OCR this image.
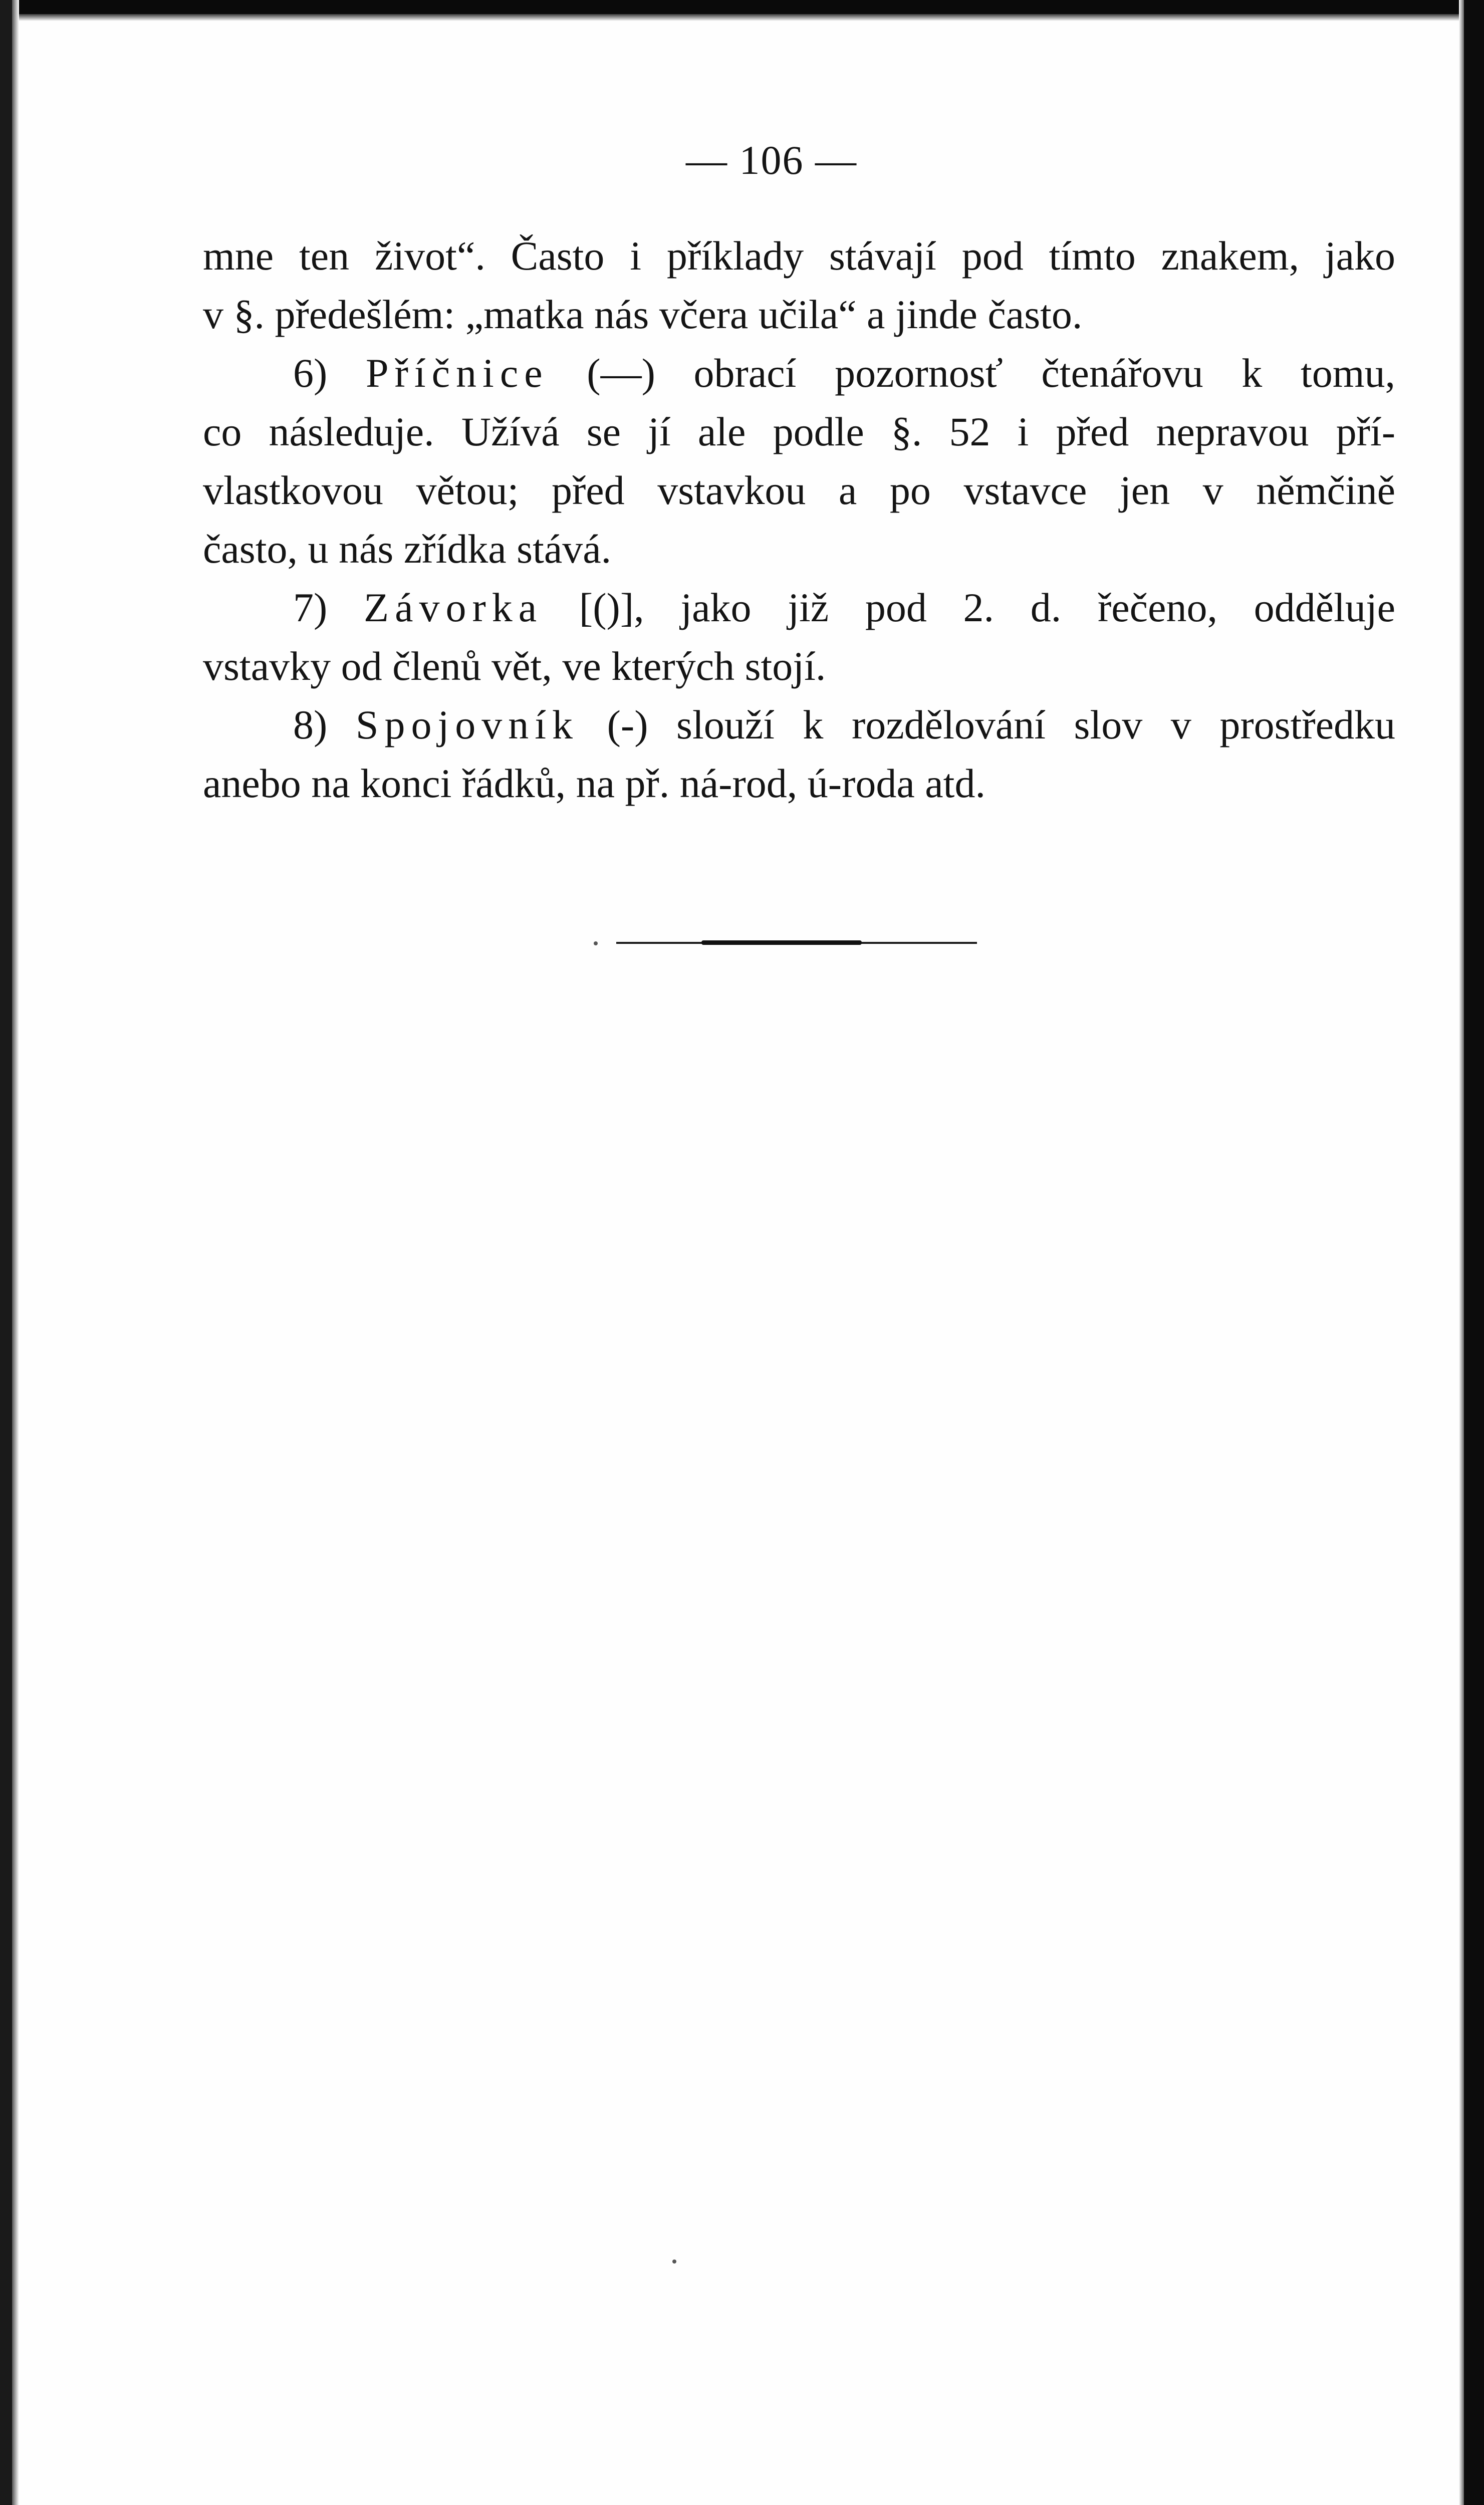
— 106 —
mne ten život“. Často i příklady stávají pod tímto znakem, jako
v §. předešlém: „matka nás včera učila“ a jinde často.
6) Příčnice (—) obrací pozornosť čtenářovu k tomu,
co následuje. Užívá se jí ale podle §. 52 i před nepravou pří-
vlastkovou větou; před vstavkou a po vstavce jen v němčině
často, u nás zřídka stává.
7) Závorka [()], jako již pod 2. d. řečeno, odděluje
vstavky od členů vět, ve kterých stojí.
8) Spojovník (-) slouží k rozdělování slov v prostředku
anebo na konci řádků, na př. ná-rod, ú-roda atd.
